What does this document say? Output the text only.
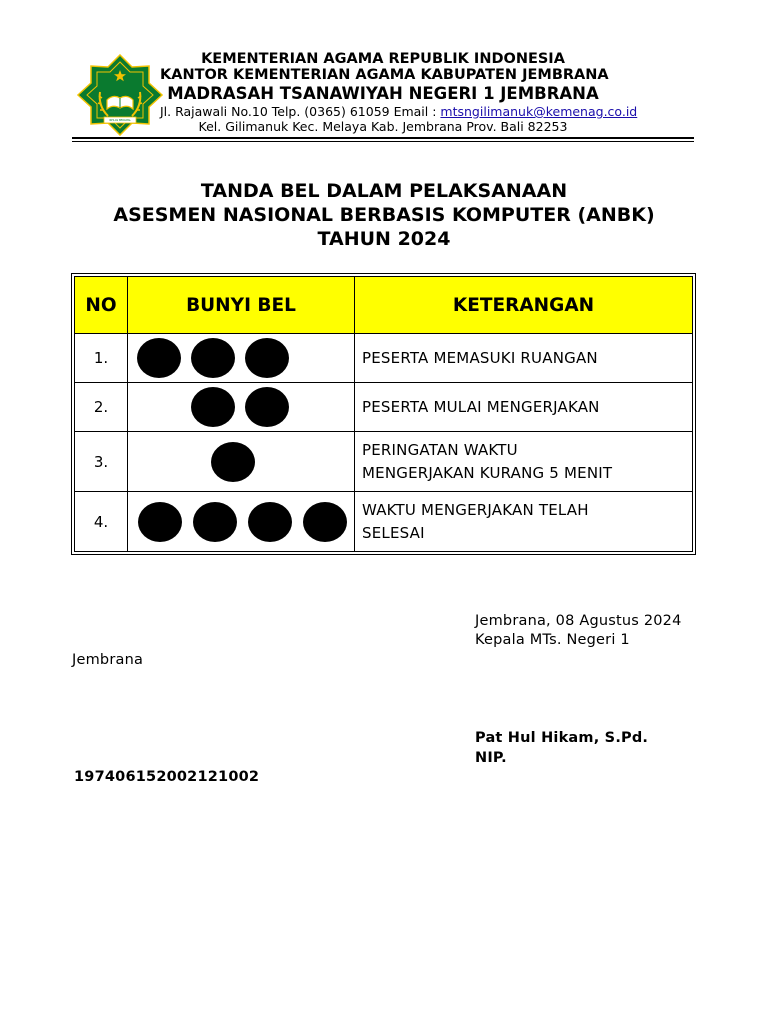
IKHLAS BERAMAL
KEMENTERIAN AGAMA REPUBLIK INDONESIA
KANTOR KEMENTERIAN AGAMA KABUPATEN JEMBRANA
MADRASAH TSANAWIYAH NEGERI 1 JEMBRANA
Jl. Rajawali No.10 Telp. (0365) 61059 Email : mtsngilimanuk@kemenag.co.id
Kel. Gilimanuk Kec. Melaya Kab. Jembrana Prov. Bali 82253
TANDA BEL DALAM PELAKSANAAN
ASESMEN NASIONAL BERBASIS KOMPUTER (ANBK)
TAHUN 2024
NO	BUNYI BEL	KETERANGAN
1.		PESERTA MEMASUKI RUANGAN
2.		PESERTA MULAI MENGERJAKAN
3.		PERINGATAN WAKTU
MENGERJAKAN KURANG 5 MENIT

4.		WAKTU MENGERJAKAN TELAH
SELESAI
Jembrana, 08 Agustus 2024
Kepala MTs. Negeri 1
Jembrana
Pat Hul Hikam, S.Pd.
NIP.
197406152002121002
